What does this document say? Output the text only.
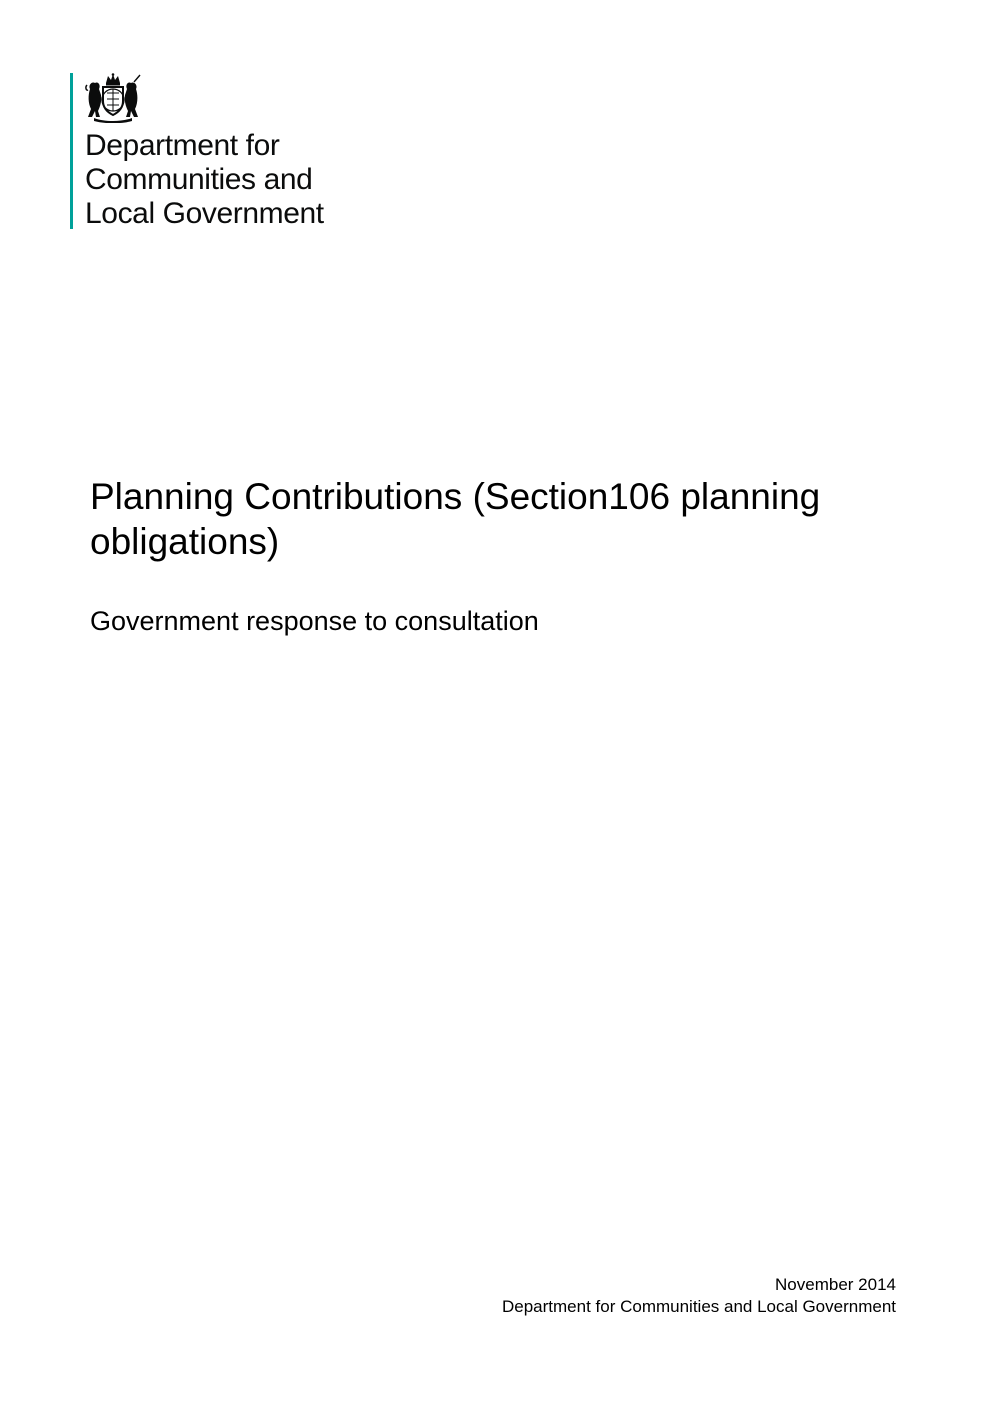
Department for
Communities and
Local Government
Planning Contributions (Section106 planning obligations)
Government response to consultation
November 2014
Department for Communities and Local Government
